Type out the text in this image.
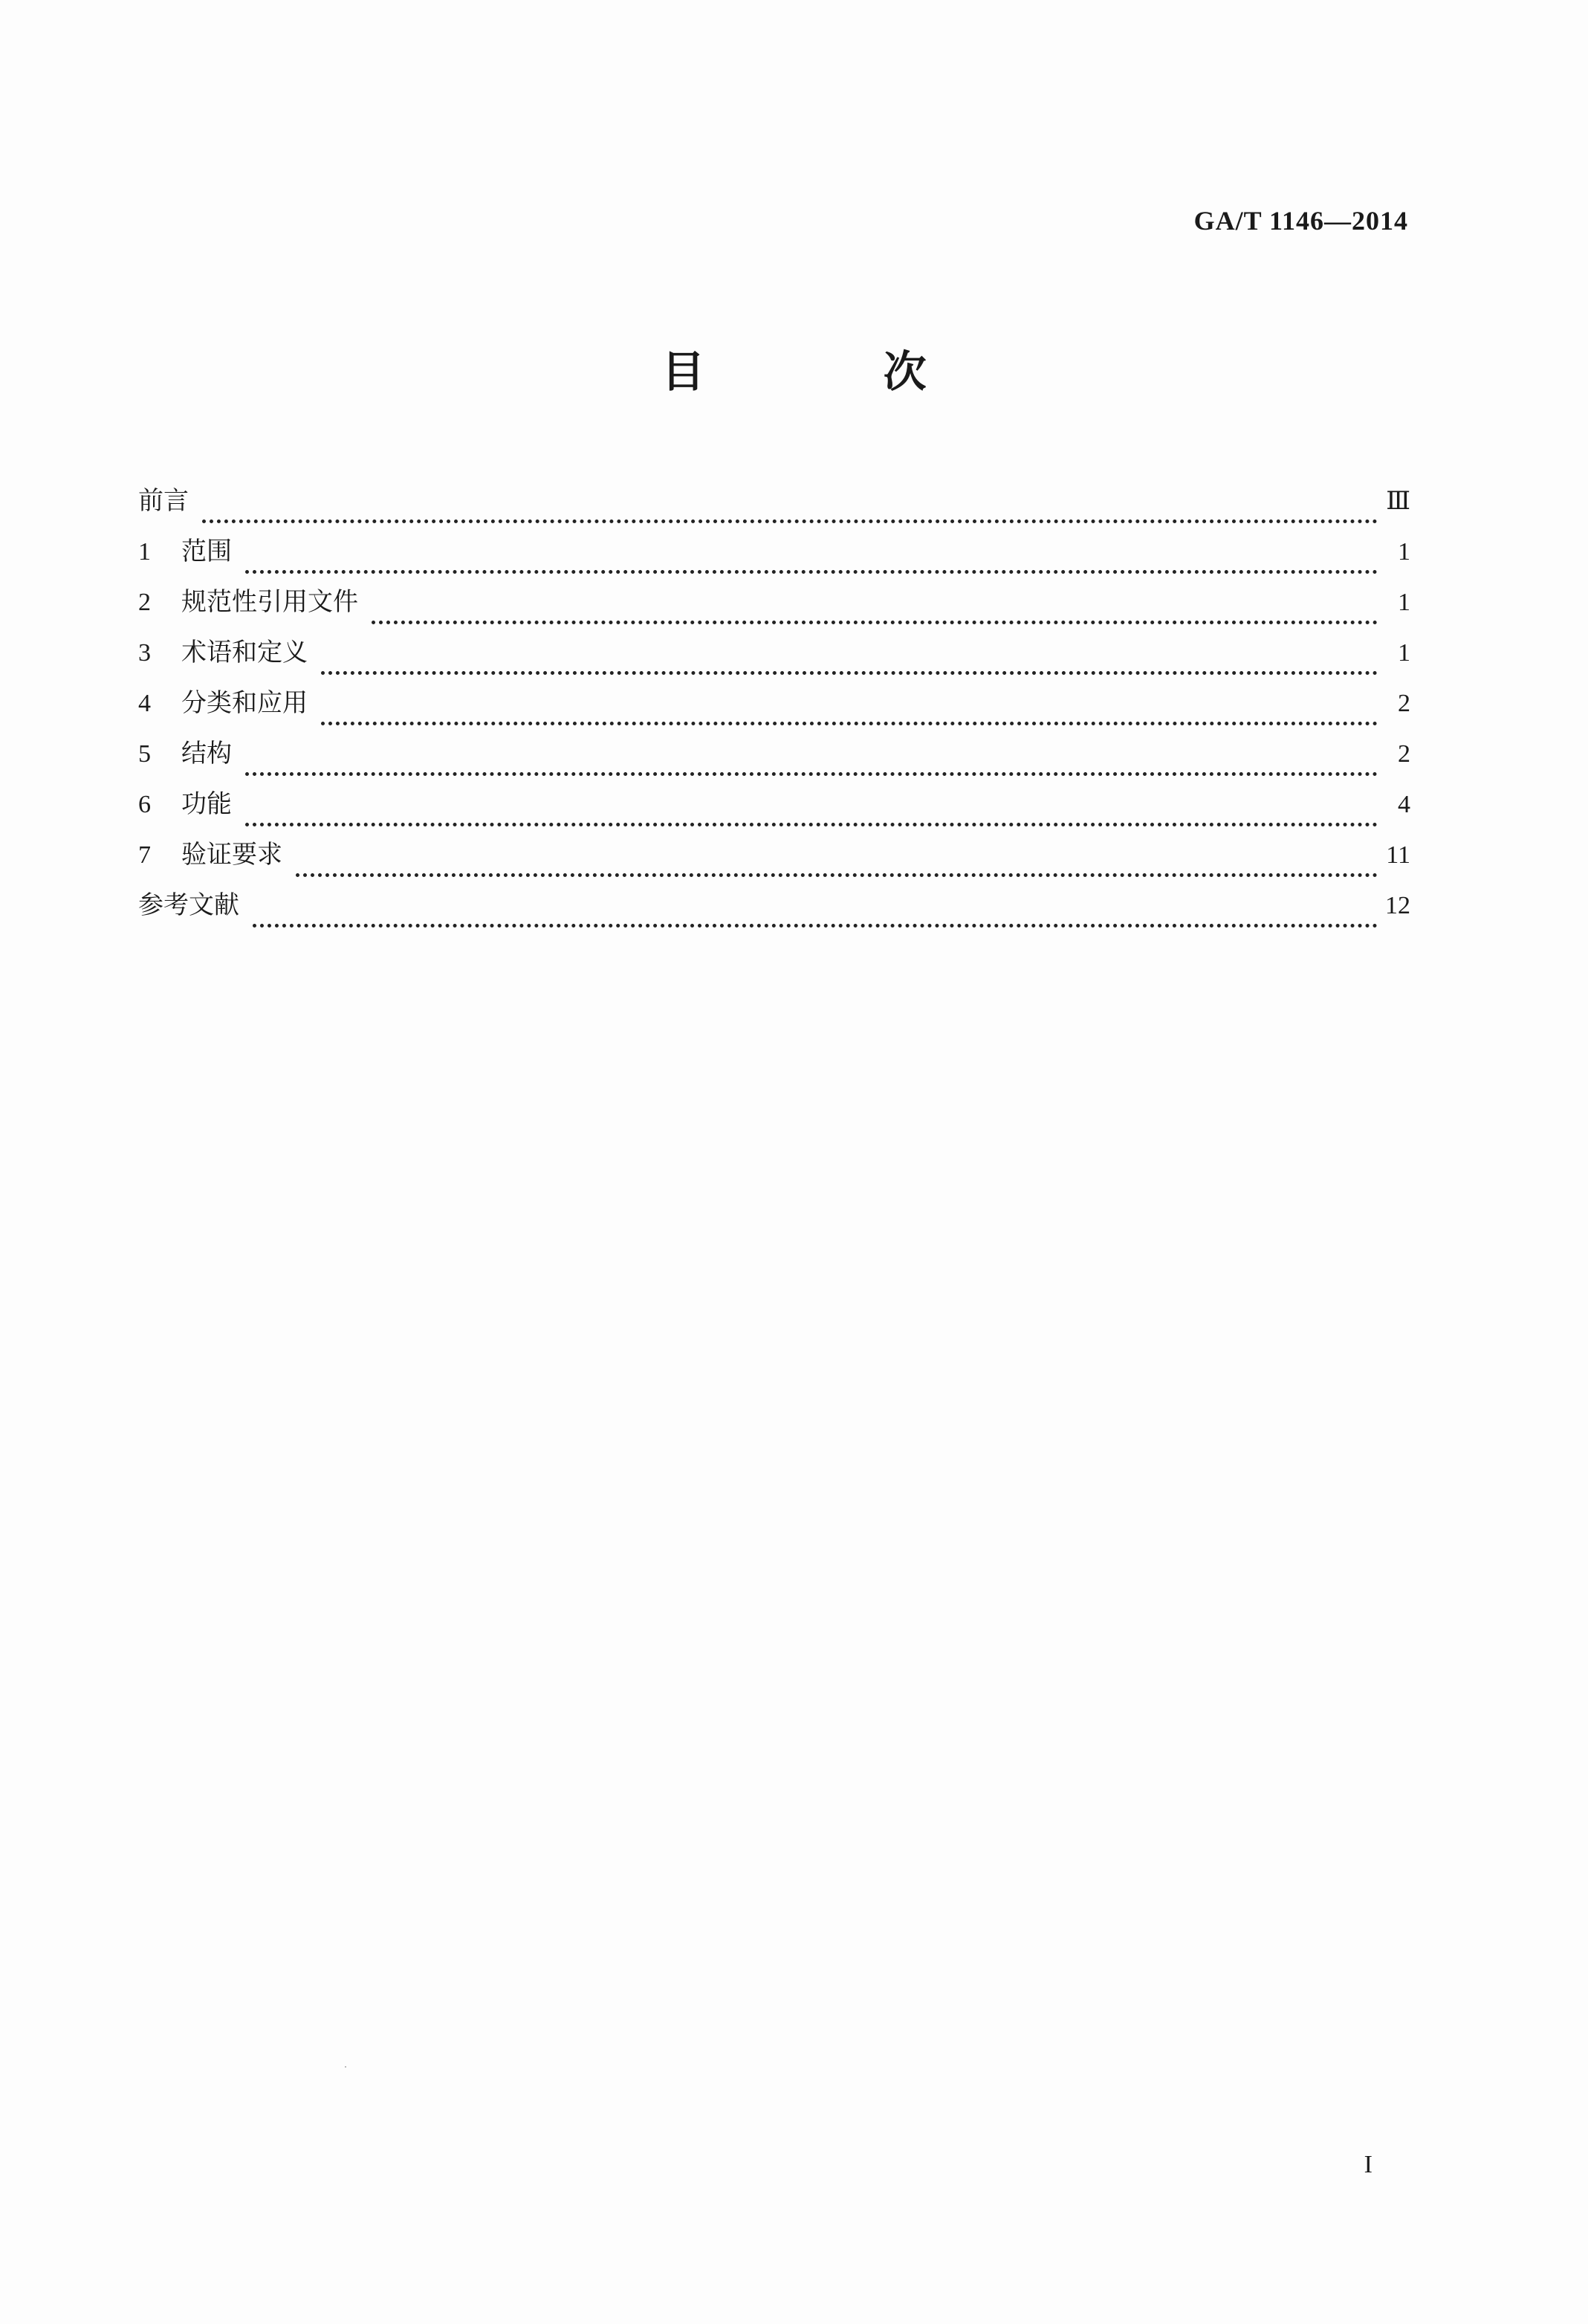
GA/T 1146—2014
目 次
前言	Ⅲ
1	范围	1
2	规范性引用文件	1
3	术语和定义	1
4	分类和应用	2
5	结构	2
6	功能	4
7	验证要求	11
参考文献	12
I
